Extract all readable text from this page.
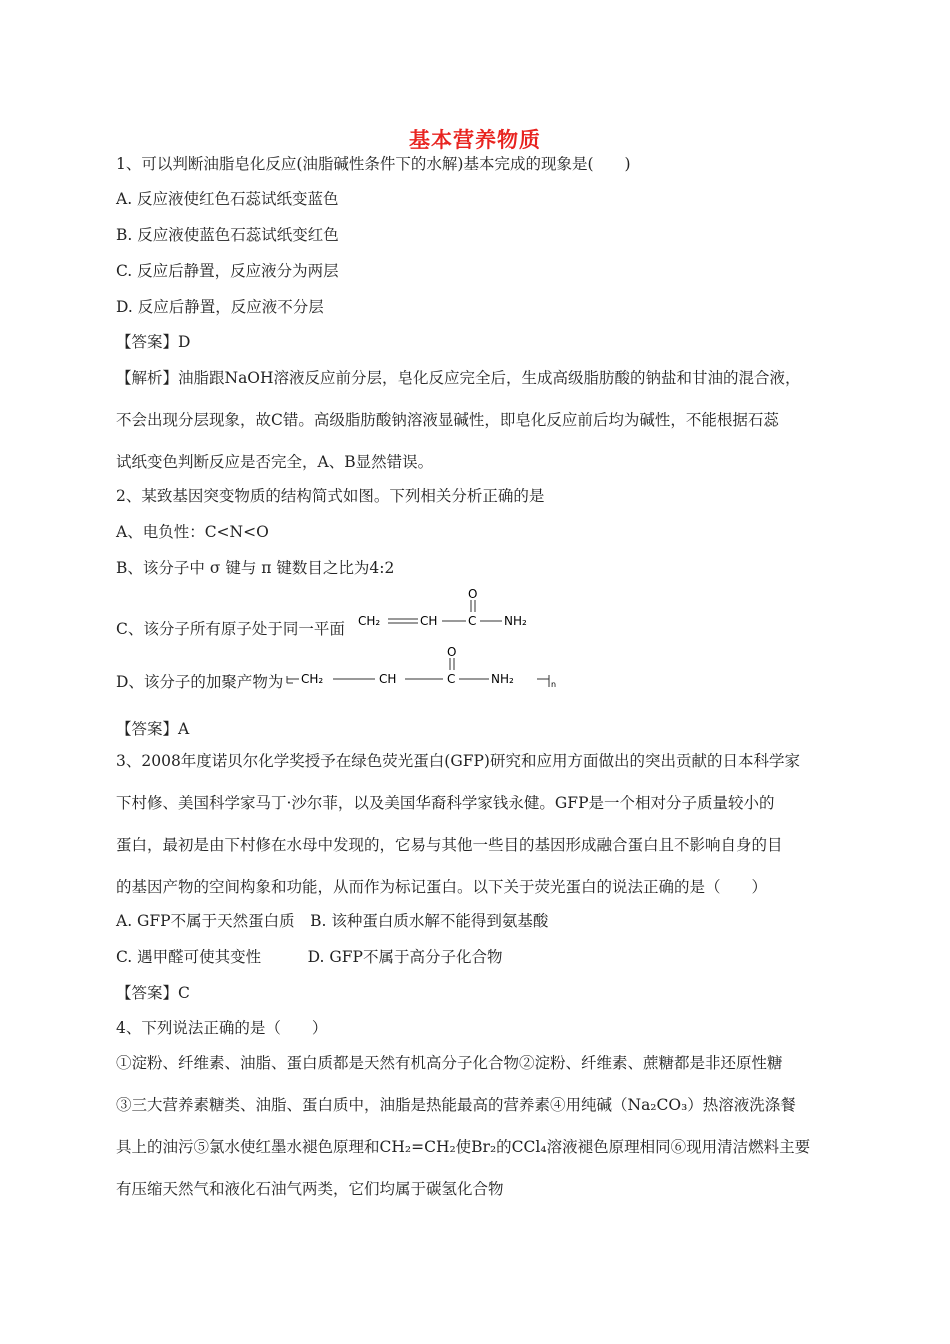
基本营养物质
1、可以判断油脂皂化反应(油脂碱性条件下的水解)基本完成的现象是(　　)
A. 反应液使红色石蕊试纸变蓝色
B. 反应液使蓝色石蕊试纸变红色
C. 反应后静置，反应液分为两层
D. 反应后静置，反应液不分层
【答案】D
【解析】油脂跟NaOH溶液反应前分层，皂化反应完全后，生成高级脂肪酸的钠盐和甘油的混合液，
不会出现分层现象，故C错。高级脂肪酸钠溶液显碱性，即皂化反应前后均为碱性，不能根据石蕊
试纸变色判断反应是否完全，A、B显然错误。
2、某致基因突变物质的结构简式如图。下列相关分析正确的是
A、电负性：C<N<O
B、该分子中 σ 键与 π 键数目之比为4:2
C、该分子所有原子处于同一平面 CH₂	CH	C
O
NH₂
D、该分子的加聚产物为 CH₂	CH	C
O
NH₂	n
【答案】A
3、2008年度诺贝尔化学奖授予在绿色荧光蛋白(GFP)研究和应用方面做出的突出贡献的日本科学家
下村修、美国科学家马丁·沙尔菲，以及美国华裔科学家钱永健。GFP是一个相对分子质量较小的
蛋白，最初是由下村修在水母中发现的，它易与其他一些目的基因形成融合蛋白且不影响自身的目
的基因产物的空间构象和功能，从而作为标记蛋白。以下关于荧光蛋白的说法正确的是（　　）
A. GFP不属于天然蛋白质　B. 该种蛋白质水解不能得到氨基酸
C. 遇甲醛可使其变性　　　D. GFP不属于高分子化合物
【答案】C
4、下列说法正确的是（　　）
①淀粉、纤维素、油脂、蛋白质都是天然有机高分子化合物②淀粉、纤维素、蔗糖都是非还原性糖
③三大营养素糖类、油脂、蛋白质中，油脂是热能最高的营养素④用纯碱（Na₂CO₃）热溶液洗涤餐
具上的油污⑤氯水使红墨水褪色原理和CH₂=CH₂使Br₂的CCl₄溶液褪色原理相同⑥现用清洁燃料主要
有压缩天然气和液化石油气两类，它们均属于碳氢化合物
